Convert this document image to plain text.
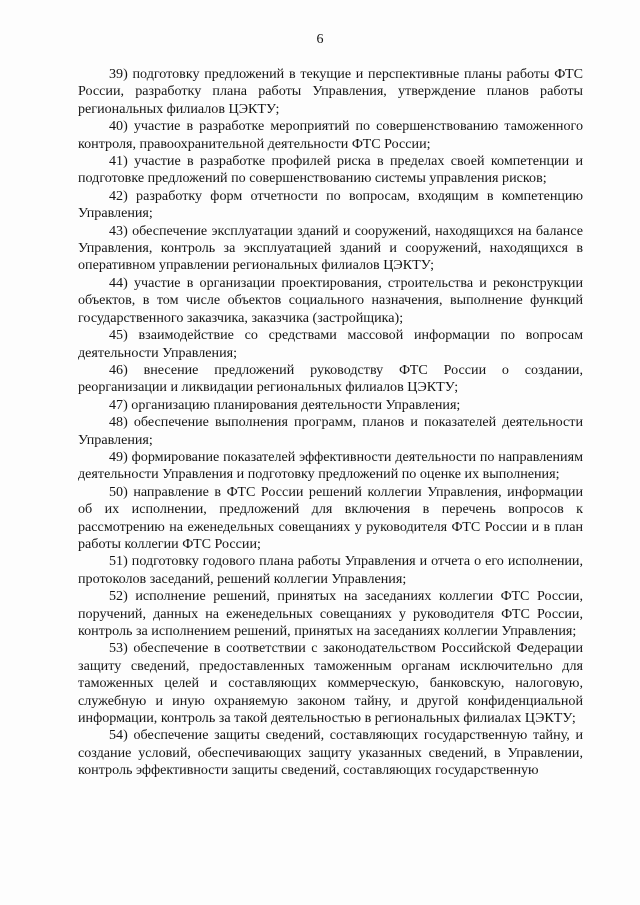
6

39) подготовку предложений в текущие и перспективные планы работы ФТС России, разработку плана работы Управления, утверждение планов работы региональных филиалов ЦЭКТУ;

40) участие в разработке мероприятий по совершенствованию таможенного контроля, правоохранительной деятельности ФТС России;

41) участие в разработке профилей риска в пределах своей компетенции и подготовке предложений по совершенствованию системы управления рисков;

42) разработку форм отчетности по вопросам, входящим в компетенцию Управления;

43) обеспечение эксплуатации зданий и сооружений, находящихся на балансе Управления, контроль за эксплуатацией зданий и сооружений, находящихся в оперативном управлении региональных филиалов ЦЭКТУ;

44) участие в организации проектирования, строительства и реконструкции объектов, в том числе объектов социального назначения, выполнение функций государственного заказчика, заказчика (застройщика);

45) взаимодействие со средствами массовой информации по вопросам деятельности Управления;

46) внесение предложений руководству ФТС России о создании, реорганизации и ликвидации региональных филиалов ЦЭКТУ;

47) организацию планирования деятельности Управления;

48) обеспечение выполнения программ, планов и показателей деятельности Управления;

49) формирование показателей эффективности деятельности по направлениям деятельности Управления и подготовку предложений по оценке их выполнения;

50) направление в ФТС России решений коллегии Управления, информации об их исполнении, предложений для включения в перечень вопросов к рассмотрению на еженедельных совещаниях у руководителя ФТС России и в план работы коллегии ФТС России;

51) подготовку годового плана работы Управления и отчета о его исполнении, протоколов заседаний, решений коллегии Управления;

52) исполнение решений, принятых на заседаниях коллегии ФТС России, поручений, данных на еженедельных совещаниях у руководителя ФТС России, контроль за исполнением решений, принятых на заседаниях коллегии Управления;

53) обеспечение в соответствии с законодательством Российской Федерации защиту сведений, предоставленных таможенным органам исключительно для таможенных целей и составляющих коммерческую, банковскую, налоговую, служебную и иную охраняемую законом тайну, и другой конфиденциальной информации, контроль за такой деятельностью в региональных филиалах ЦЭКТУ;

54) обеспечение защиты сведений, составляющих государственную тайну, и создание условий, обеспечивающих защиту указанных сведений, в Управлении, контроль эффективности защиты сведений, составляющих государственную
